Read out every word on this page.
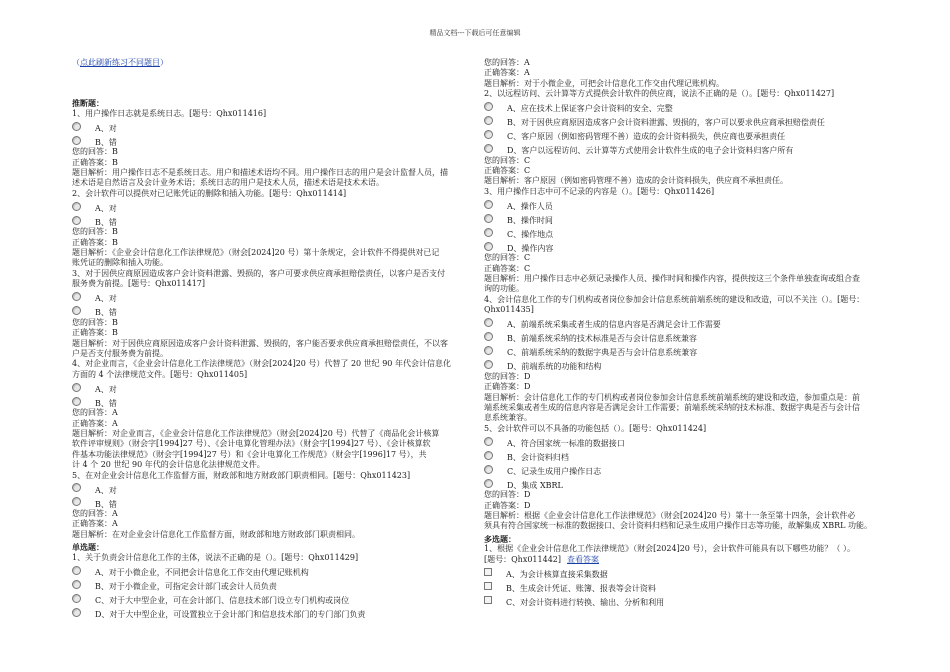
精品文档---下载后可任意编辑
（点此刷新练习不同题目）
推断题：
1、用户操作日志就是系统日志。[题号：Qhx011416]
A、对
B、错
您的回答：B
正确答案：B
题目解析：用户操作日志不是系统日志。用户和描述术语均不同。用户操作日志的用户是会计监督人员，描
述术语是自然语言及会计业务术语；系统日志的用户是技术人员，描述术语是技术术语。
2、会计软件可以提供对已记账凭证的删除和插入功能。[题号：Qhx011414]
A、对
B、错
您的回答：B
正确答案：B
题目解析：《企业会计信息化工作法律规范》（财会[2024]20 号）第十条规定，会计软件不得提供对已记
账凭证的删除和插入功能。
3、对于因供应商原因造成客户会计资料泄露、毁损的，客户可要求供应商承担赔偿责任，以客户是否支付
服务费为前提。[题号：Qhx011417]
A、对
B、错
您的回答：B
正确答案：B
题目解析：对于因供应商原因造成客户会计资料泄露、毁损的，客户能否要求供应商承担赔偿责任，不以客
户是否支付服务费为前提。
4、对企业而言，《企业会计信息化工作法律规范》（财会[2024]20 号）代替了 20 世纪 90 年代会计信息化
方面的 4 个法律规范文件。[题号：Qhx011405]
A、对
B、错
您的回答：A
正确答案：A
题目解析：对企业而言，《企业会计信息化工作法律规范》（财会[2024]20 号）代替了《商品化会计核算
软件评审规则》（财会字[1994]27 号）、《会计电算化管理办法》（财会字[1994]27 号）、《会计核算软
件基本功能法律规范》（财会字[1994]27 号）和《会计电算化工作规范》（财会字[1996]17 号），共
计 4 个 20 世纪 90 年代的会计信息化法律规范文件。
5、在对企业会计信息化工作监督方面，财政部和地方财政部门职责相同。[题号：Qhx011423]
A、对
B、错
您的回答：A
正确答案：A
题目解析：在对企业会计信息化工作监督方面，财政部和地方财政部门职责相同。
单选题：
1、关于负责会计信息化工作的主体，说法不正确的是（）。[题号：Qhx011429]
A、对于小微企业，不同把会计信息化工作交由代理记账机构
B、对于小微企业，可指定会计部门或会计人员负责
C、对于大中型企业，可在会计部门、信息技术部门设立专门机构或岗位
D、对于大中型企业，可设置独立于会计部门和信息技术部门的专门部门负责
您的回答：A
正确答案：A
题目解析：对于小微企业，可把会计信息化工作交由代理记账机构。
2、以远程访问、云计算等方式提供会计软件的供应商，说法不正确的是（）。[题号：Qhx011427]
A、应在技术上保证客户会计资料的安全、完整
B、对于因供应商原因造成客户会计资料泄露、毁损的，客户可以要求供应商承担赔偿责任
C、客户原因（例如密码管理不善）造成的会计资料损失，供应商也要承担责任
D、客户以远程访问、云计算等方式使用会计软件生成的电子会计资料归客户所有
您的回答：C
正确答案：C
题目解析：客户原因（例如密码管理不善）造成的会计资料损失，供应商不承担责任。
3、用户操作日志中可不记录的内容是（）。[题号：Qhx011426]
A、操作人员
B、操作时间
C、操作地点
D、操作内容
您的回答：C
正确答案：C
题目解析：用户操作日志中必须记录操作人员、操作时间和操作内容，提供按这三个条件单独查询或组合查
询的功能。
4、会计信息化工作的专门机构或者岗位参加会计信息系统前端系统的建设和改造，可以不关注（）。[题号：
Qhx011435]
A、前端系统采集或者生成的信息内容是否满足会计工作需要
B、前端系统采纳的技术标准是否与会计信息系统兼容
C、前端系统采纳的数据字典是否与会计信息系统兼容
D、前端系统的功能和结构
您的回答：D
正确答案：D
题目解析：会计信息化工作的专门机构或者岗位参加会计信息系统前端系统的建设和改造，参加重点是：前
端系统采集或者生成的信息内容是否满足会计工作需要；前端系统采纳的技术标准、数据字典是否与会计信
息系统兼容。
5、会计软件可以不具备的功能包括（）。[题号：Qhx011424]
A、符合国家统一标准的数据接口
B、会计资料归档
C、记录生成用户操作日志
D、集成 XBRL
您的回答：D
正确答案：D
题目解析：根据《企业会计信息化工作法律规范》（财会[2024]20 号）第十一条至第十四条，会计软件必
须具有符合国家统一标准的数据接口、会计资料归档和记录生成用户操作日志等功能，故解集成 XBRL 功能。
多选题：
1、根据《企业会计信息化工作法律规范》（财会[2024]20 号），会计软件可能具有以下哪些功能？（ ）。
[题号：Qhx011442] 查看答案
A、为会计核算直接采集数据
B、生成会计凭证、账簿、报表等会计资料
C、对会计资料进行转换、输出、分析和利用
